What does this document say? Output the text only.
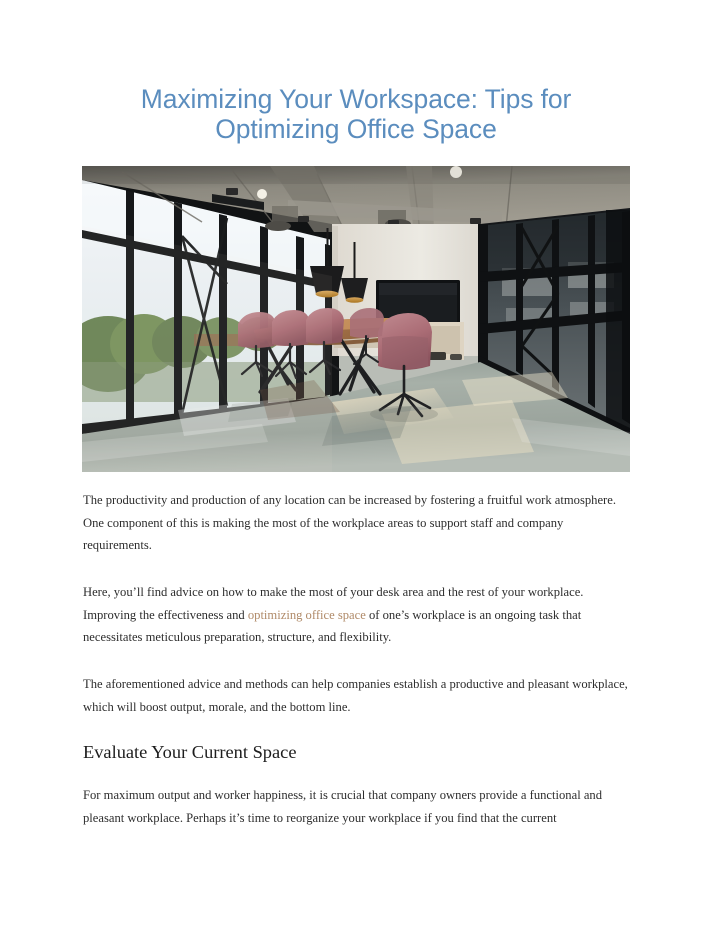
Maximizing Your Workspace: Tips for
Optimizing Office Space

The productivity and production of any location can be increased by fostering a fruitful work atmosphere. One component of this is making the most of the workplace areas to support staff and company requirements.

Here, you’ll find advice on how to make the most of your desk area and the rest of your workplace. Improving the effectiveness and optimizing office space of one’s workplace is an ongoing task that necessitates meticulous preparation, structure, and flexibility.

The aforementioned advice and methods can help companies establish a productive and pleasant workplace, which will boost output, morale, and the bottom line.

Evaluate Your Current Space

For maximum output and worker happiness, it is crucial that company owners provide a functional and pleasant workplace. Perhaps it’s time to reorganize your workplace if you find that the current
